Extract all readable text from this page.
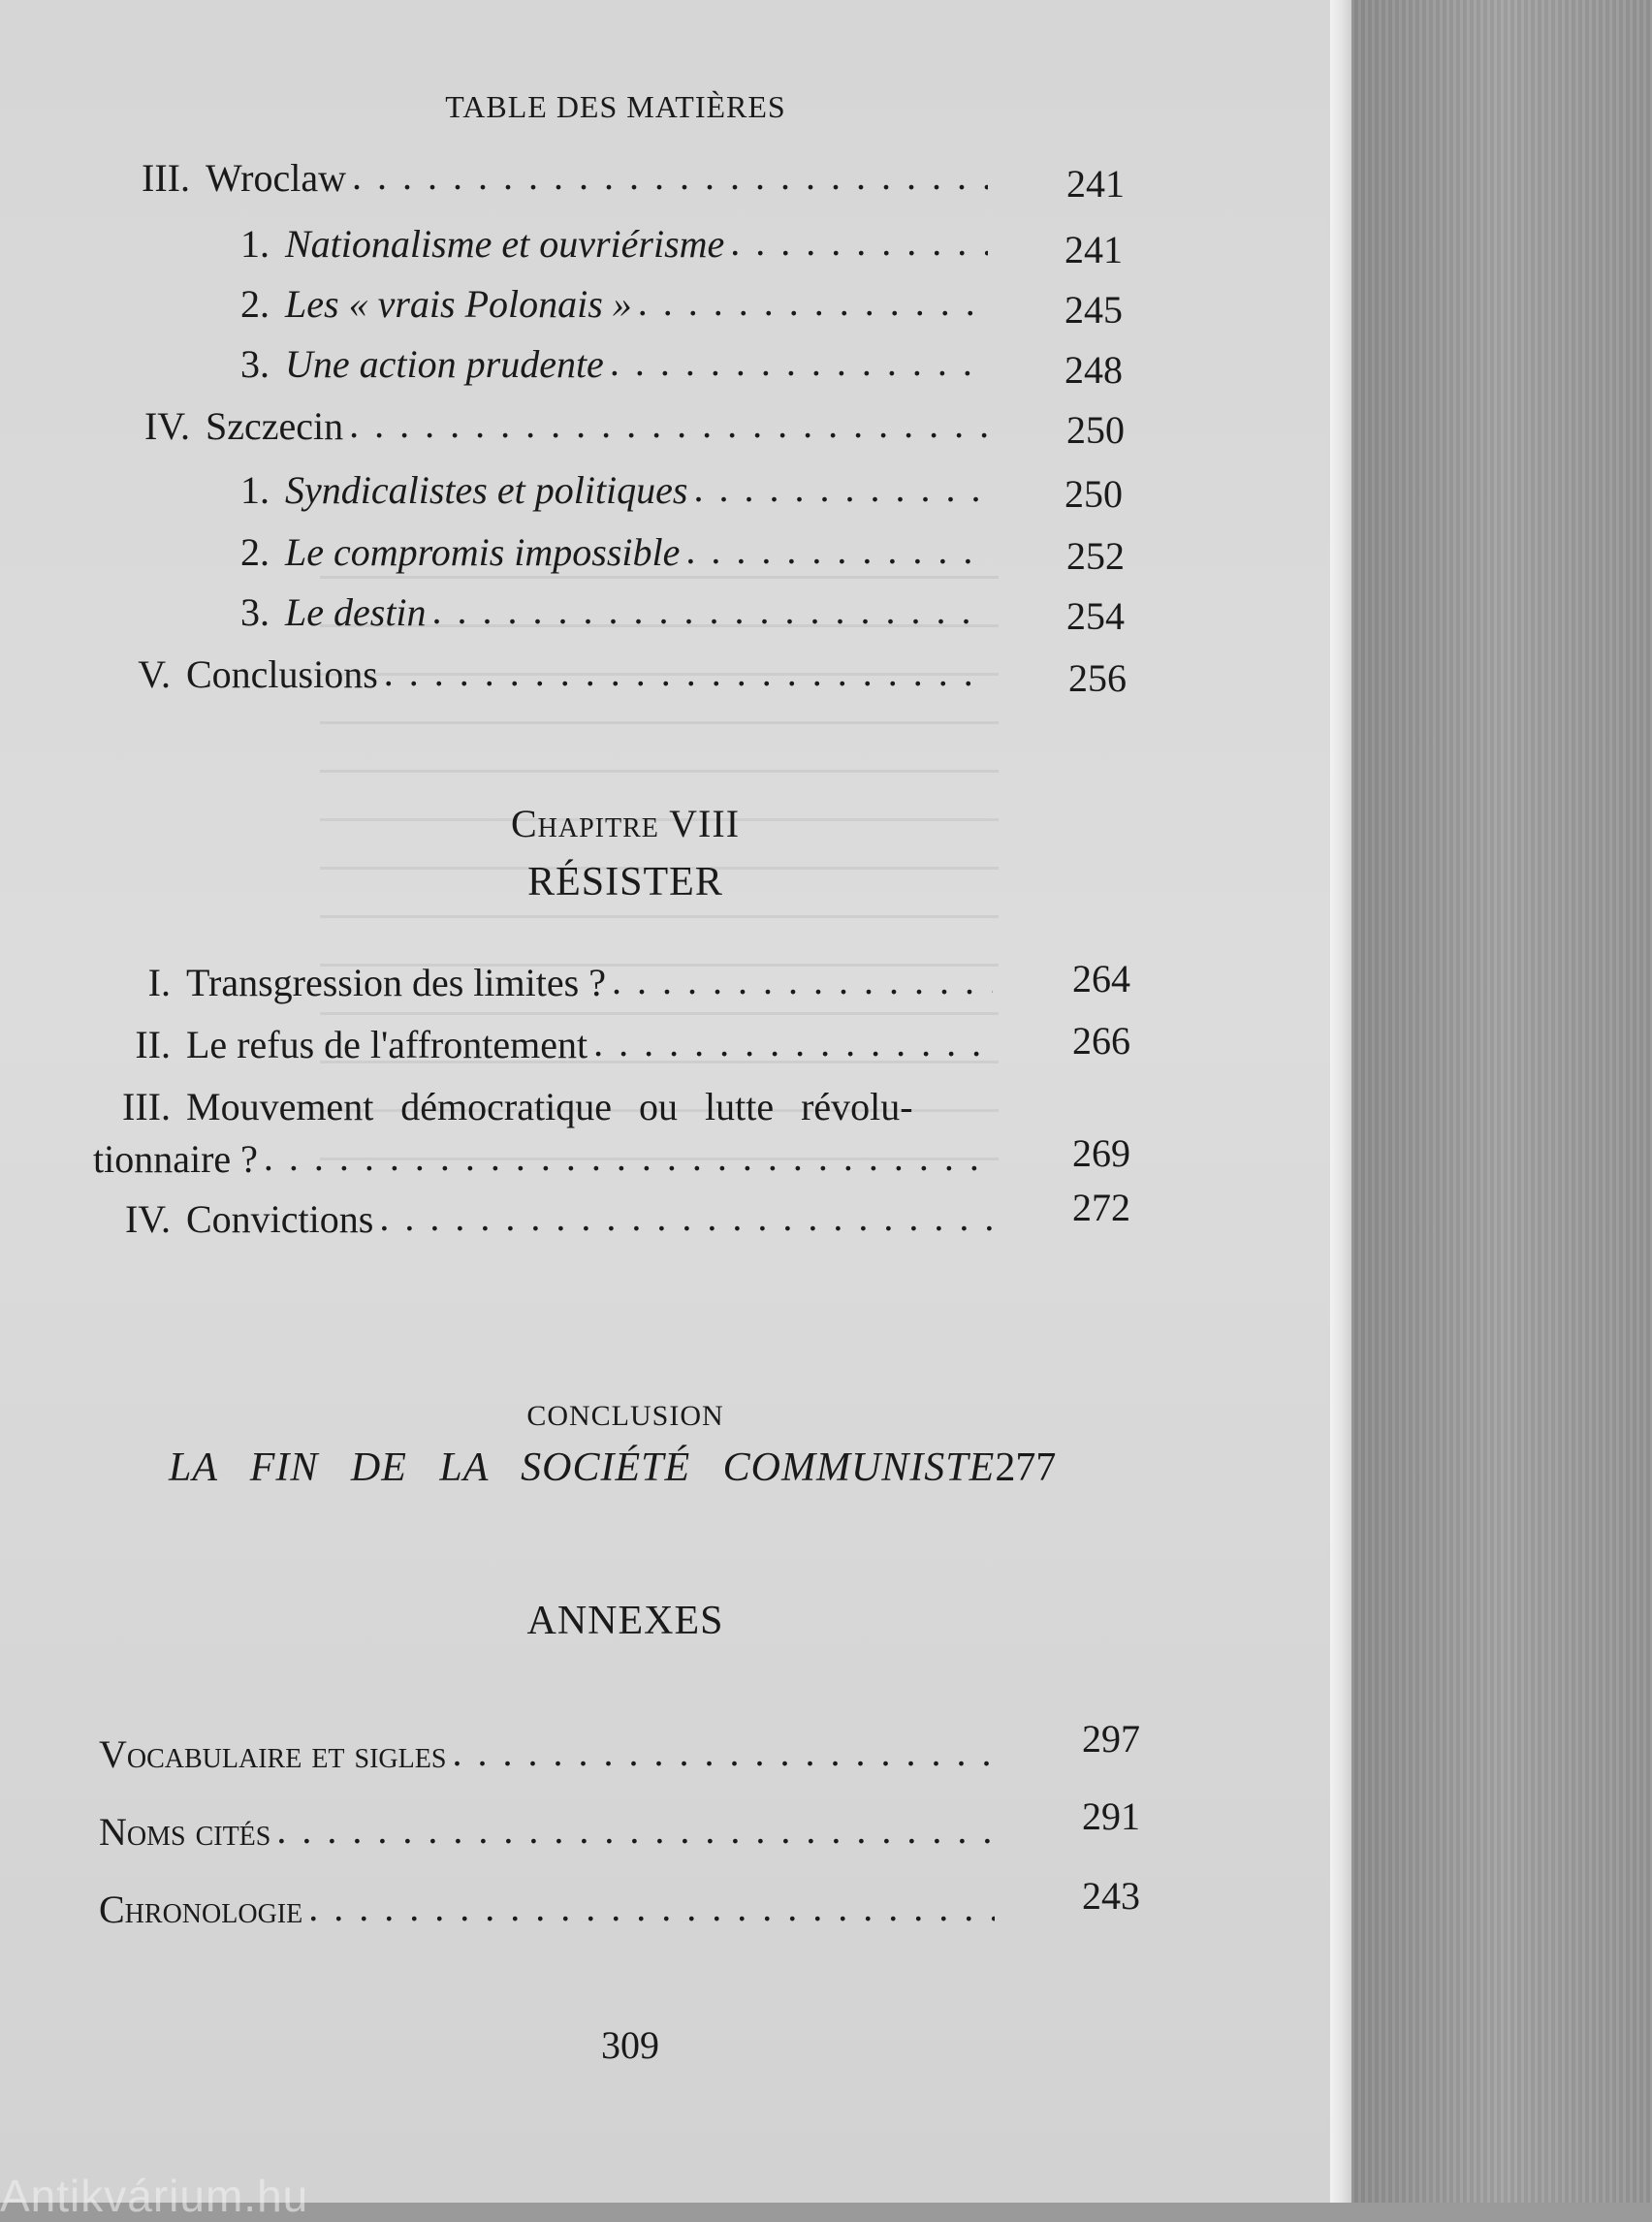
TABLE DES MATIÈRES
III. Wroclaw . . .	241
1. Nationalisme et ouvriérisme . . .	241
2. Les « vrais Polonais » . . .	245
3. Une action prudente . . .	248
IV. Szczecin . . .	250
1. Syndicalistes et politiques . . .	250
2. Le compromis impossible . . .	252
3. Le destin . . .	254
V. Conclusions . . .	256
Chapitre VIII
RÉSISTER
I. Transgression des limites ? . . .	264
II. Le refus de l'affrontement . . .	266
III. Mouvement démocratique ou lutte révolu-
tionnaire ? . . .	269
IV. Convictions . . .	272
CONCLUSION
LA FIN DE LA SOCIÉTÉ COMMUNISTE277
ANNEXES
Vocabulaire et sigles . . .	297
Noms cités . . .	291
Chronologie . . .	243
309
Antikvárium.hu
